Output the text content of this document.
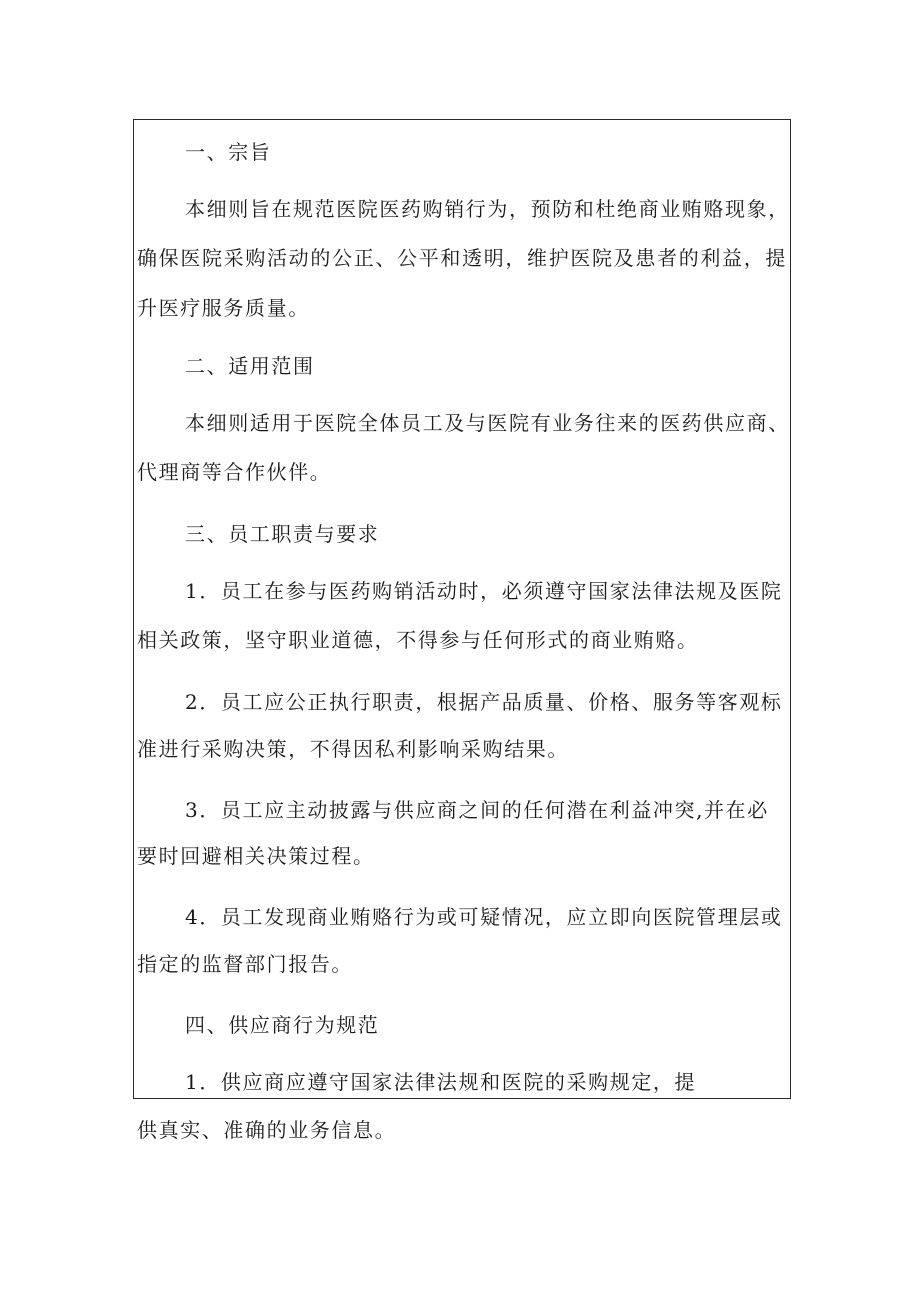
一、宗旨

本细则旨在规范医院医药购销行为，预防和杜绝商业贿赂现象，

确保医院采购活动的公正、公平和透明，维护医院及患者的利益，提

升医疗服务质量。

二、适用范围

本细则适用于医院全体员工及与医院有业务往来的医药供应商、

代理商等合作伙伴。

三、员工职责与要求

1．员工在参与医药购销活动时，必须遵守国家法律法规及医院

相关政策，坚守职业道德，不得参与任何形式的商业贿赂。

2．员工应公正执行职责，根据产品质量、价格、服务等客观标

准进行采购决策，不得因私利影响采购结果。

3．员工应主动披露与供应商之间的任何潜在利益冲突,并在必

要时回避相关决策过程。

4．员工发现商业贿赂行为或可疑情况，应立即向医院管理层或

指定的监督部门报告。

四、供应商行为规范

1．供应商应遵守国家法律法规和医院的采购规定，提

供真实、准确的业务信息。
